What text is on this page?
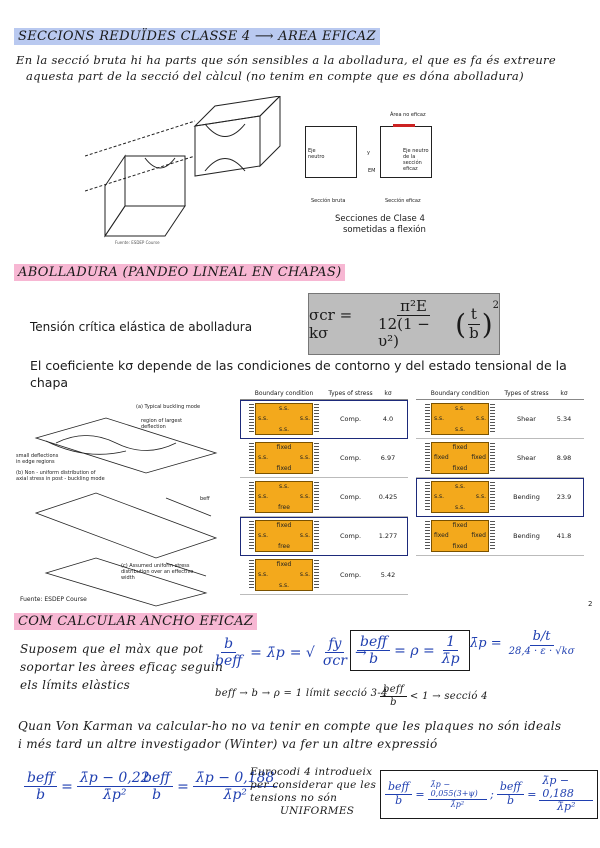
SECCIONS REDUÏDES CLASSE 4 ⟶ AREA EFICAZ
En la secció bruta hi ha parts que són sensibles a la abolladura, el que es fa és extreure
aquesta part de la secció del càlcul (no tenim en compte que es dóna abolladura)
Fuente: ESDEP Course
Área no eficaz
Eje neutro
Eje neutro de la sección eficaz
y
EM
Sección bruta	Sección eficaz
Secciones de Clase 4
sometidas a flexión
ABOLLADURA (PANDEO LINEAL EN CHAPAS)
Tensión crítica elástica de abolladura
σcr = kσ	$\frac{\text{π²E}}{\text{12(1 − υ²)}}$ ( $\frac{t}{b}$ )
$^2$
El coeficiente kσ depende de las condiciones de contorno y del estado tensional de la
chapa
(a) Typical buckling mode
region of largest deflection
small deflections in edge regions
(b) Non - uniform distribution of axial stress in post - buckling mode
beff
(c) Assumed uniform stress distribution over an effective width
Fuente: ESDEP Course
Boundary condition	Types of stress	kσ
s.s.
s.s.
s.s.	s.s.	Comp.	4.0
fixed
fixed
s.s.	s.s.	Comp.	6.97
s.s.
free
s.s.	s.s.	Comp.	0.425
fixed
free
s.s.	s.s.	Comp.	1.277
fixed
s.s.
s.s.	s.s.	Comp.	5.42
Boundary condition	Types of stress	kσ
s.s.
s.s.
s.s.	s.s.	Shear	5.34
fixed
fixed
fixed	fixed	Shear	8.98
s.s.
s.s.
s.s.	s.s.	Bending	23.9
fixed
fixed
fixed	fixed	Bending	41.8
2
COM CALCULAR ANCHO EFICAZ
Suposem que el màx que pot
soportar les àrees eficaç seguin
els límits elàstics
$\frac{b}{\text{beff}}$ = λ̄p = √ $\frac{fy}{\text{σcr}}$ →
$\frac{\text{beff}}{b} = \rho = \frac{1}{\lambdāp}$ λ̄p = $\frac{b/t}{28,4 \cdot \varepsilon \cdot √k\sigma}$
beff → b → ρ = 1 límit secció 3-4
$\frac{\text{beff}}{b} < 1$ → secció 4
Quan Von Karman va calcular-ho no va tenir en compte que les plaques no són ideals
i més tard un altre investigador (Winter) va fer un altre expressió
$\frac{\text{beff}}{b} = \frac{\lambdāp - 0,22}{\text{λ̄p²}}$
$\frac{\text{beff}}{b} = \frac{\lambdāp - 0,188}{\text{λ̄p²}}$
Eurocodi 4 introdueix
per considerar que les
tensions no són
UNIFORMES
$\frac{\text{beff}}{b} = \frac{\lambdāp - 0,055(3+\psi)}{\text{λ̄p²}}$ ; $\frac{\text{beff}}{b} = \frac{\lambdāp - 0,188}{\text{λ̄p²}}$
